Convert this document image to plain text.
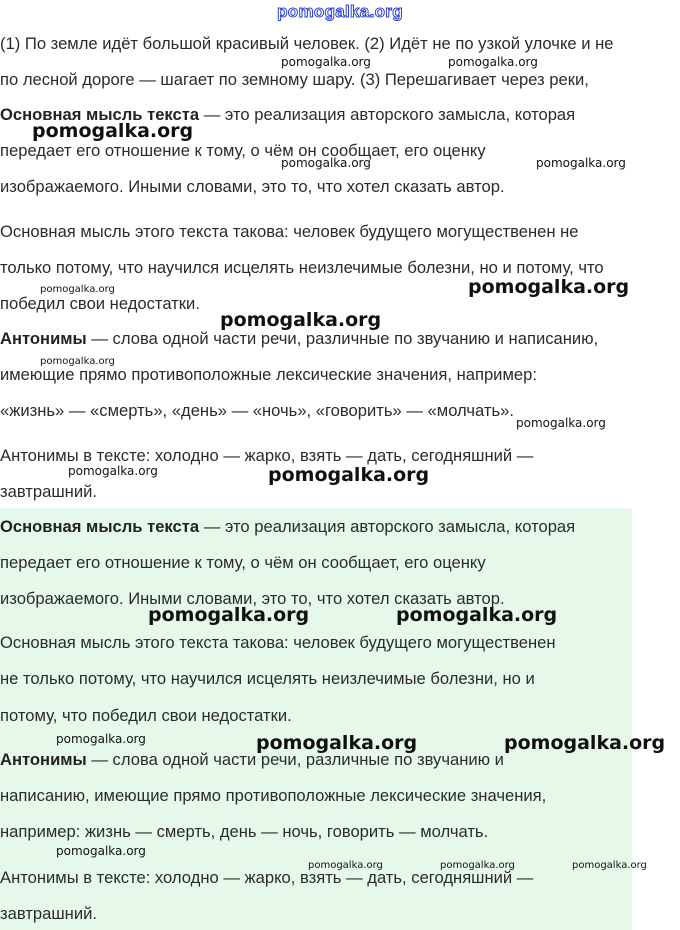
pomogalka.org

(1) По земле идёт большой красивый человек. (2) Идёт не по узкой улочке и не

по лесной дороге — шагает по земному шару. (3) Перешагивает через реки,

Основная мысль текста — это реализация авторского замысла, которая

передает его отношение к тому, о чём он сообщает, его оценку

изображаемого. Иными словами, это то, что хотел сказать автор.

Основная мысль этого текста такова: человек будущего могущественен не

только потому, что научился исцелять неизлечимые болезни, но и потому, что

победил свои недостатки.

Антонимы — слова одной части речи, различные по звучанию и написанию,

имеющие прямо противоположные лексические значения, например:

«жизнь» — «смерть», «день» — «ночь», «говорить» — «молчать».

Антонимы в тексте: холодно — жарко, взять — дать, сегодняшний —

завтрашний.

Основная мысль текста — это реализация авторского замысла, которая

передает его отношение к тому, о чём он сообщает, его оценку

изображаемого. Иными словами, это то, что хотел сказать автор.

Основная мысль этого текста такова: человек будущего могущественен

не только потому, что научился исцелять неизлечимые болезни, но и

потому, что победил свои недостатки.

Антонимы — слова одной части речи, различные по звучанию и

написанию, имеющие прямо противоположные лексические значения,

например: жизнь — смерть, день — ночь, говорить — молчать.

Антонимы в тексте: холодно — жарко, взять — дать, сегодняшний —

завтрашний.

pomogalka.org	pomogalka.org
pomogalka.org
pomogalka.org	pomogalka.org
pomogalka.org	pomogalka.org
pomogalka.org
pomogalka.org
pomogalka.org
pomogalka.org	pomogalka.org
pomogalka.org	pomogalka.org
pomogalka.org	pomogalka.org	pomogalka.org
pomogalka.org
pomogalka.org	pomogalka.org	pomogalka.org
